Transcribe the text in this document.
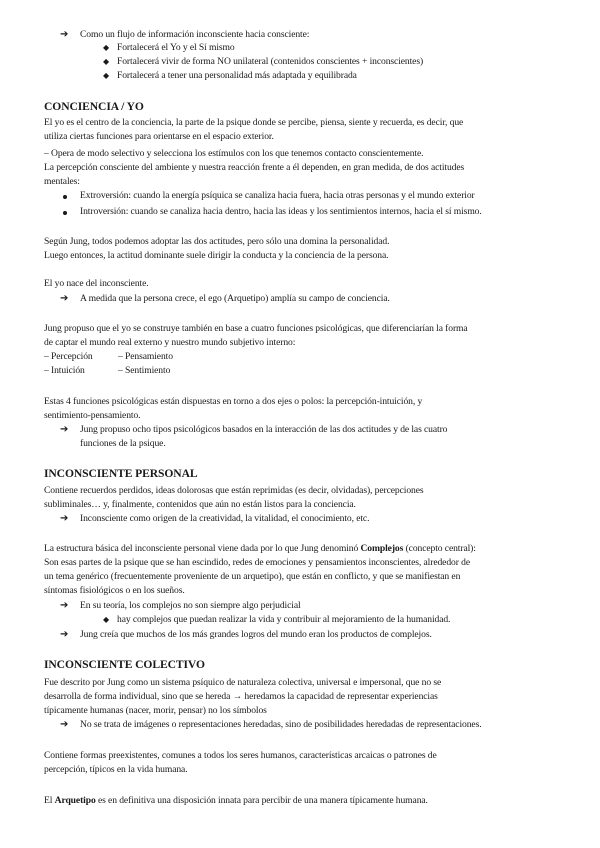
➔ Como un flujo de información inconsciente hacia consciente:
◆ Fortalecerá el Yo y el Sí mismo
◆ Fortalecerá vivir de forma NO unilateral (contenidos conscientes + inconscientes)
◆ Fortalecerá a tener una personalidad más adaptada y equilibrada
CONCIENCIA / YO
El yo es el centro de la conciencia, la parte de la psique donde se percibe, piensa, siente y recuerda, es decir, que
utiliza ciertas funciones para orientarse en el espacio exterior.
– Opera de modo selectivo y selecciona los estímulos con los que tenemos contacto conscientemente.
La percepción consciente del ambiente y nuestra reacción frente a él dependen, en gran medida, de dos actitudes
mentales:
Extroversión: cuando la energía psíquica se canaliza hacia fuera, hacia otras personas y el mundo exterior
Introversión: cuando se canaliza hacia dentro, hacia las ideas y los sentimientos internos, hacia el sí mismo.
Según Jung, todos podemos adoptar las dos actitudes, pero sólo una domina la personalidad.
Luego entonces, la actitud dominante suele dirigir la conducta y la conciencia de la persona.
El yo nace del inconsciente.
➔ A medida que la persona crece, el ego (Arquetipo) amplía su campo de conciencia.
Jung propuso que el yo se construye también en base a cuatro funciones psicológicas, que diferenciarían la forma
de captar el mundo real externo y nuestro mundo subjetivo interno:
– Percepción	– Pensamiento
– Intuición	– Sentimiento
Estas 4 funciones psicológicas están dispuestas en torno a dos ejes o polos: la percepción-intuición, y
sentimiento-pensamiento.
➔ Jung propuso ocho tipos psicológicos basados en la interacción de las dos actitudes y de las cuatro
funciones de la psique.
INCONSCIENTE PERSONAL
Contiene recuerdos perdidos, ideas dolorosas que están reprimidas (es decir, olvidadas), percepciones
subliminales… y, finalmente, contenidos que aún no están listos para la conciencia.
➔ Inconsciente como origen de la creatividad, la vitalidad, el conocimiento, etc.
La estructura básica del inconsciente personal viene dada por lo que Jung denominó Complejos (concepto central):
Son esas partes de la psique que se han escindido, redes de emociones y pensamientos inconscientes, alrededor de
un tema genérico (frecuentemente proveniente de un arquetipo), que están en conflicto, y que se manifiestan en
síntomas fisiológicos o en los sueños.
➔ En su teoría, los complejos no son siempre algo perjudicial
◆ hay complejos que puedan realizar la vida y contribuir al mejoramiento de la humanidad.
➔ Jung creía que muchos de los más grandes logros del mundo eran los productos de complejos.
INCONSCIENTE COLECTIVO
Fue descrito por Jung como un sistema psíquico de naturaleza colectiva, universal e impersonal, que no se
desarrolla de forma individual, sino que se hereda → heredamos la capacidad de representar experiencias
típicamente humanas (nacer, morir, pensar) no los símbolos
➔ No se trata de imágenes o representaciones heredadas, sino de posibilidades heredadas de representaciones.
Contiene formas preexistentes, comunes a todos los seres humanos, características arcaicas o patrones de
percepción, típicos en la vida humana.
El Arquetipo es en definitiva una disposición innata para percibir de una manera típicamente humana.
